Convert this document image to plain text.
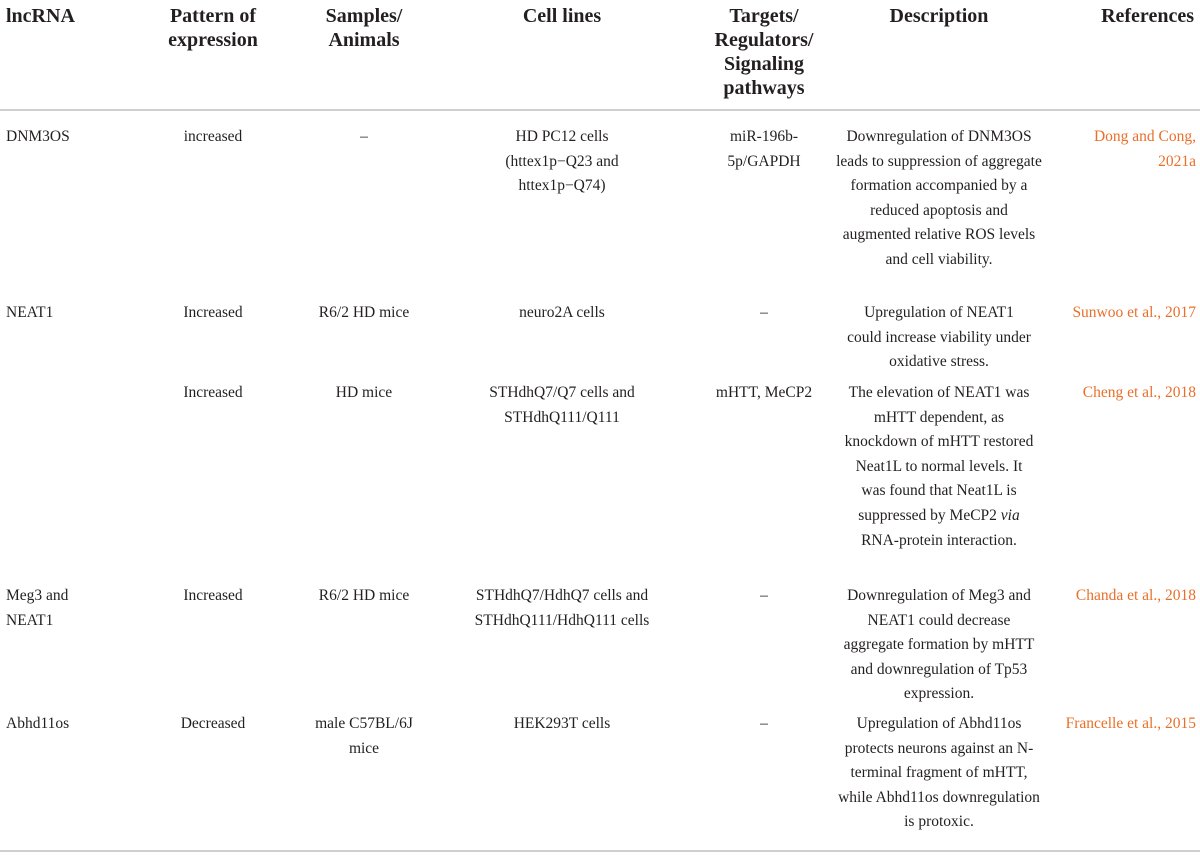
lncRNA	Pattern of expression	Samples/ Animals	Cell lines	Targets/ Regulators/ Signaling pathways	Description	References
DNM3OS	increased	–	HD PC12 cells (httex1p−Q23 and httex1p−Q74)	miR-196b-5p/GAPDH	Downregulation of DNM3OS leads to suppression of aggregate formation accompanied by a reduced apoptosis and augmented relative ROS levels and cell viability.	Dong and Cong, 2021a
NEAT1	Increased	R6/2 HD mice	neuro2A cells	–	Upregulation of NEAT1 could increase viability under oxidative stress.	Sunwoo et al., 2017
	Increased	HD mice	STHdhQ7/Q7 cells and STHdhQ111/Q111	mHTT, MeCP2	The elevation of NEAT1 was mHTT dependent, as knockdown of mHTT restored Neat1L to normal levels. It was found that Neat1L is suppressed by MeCP2 via RNA-protein interaction.	Cheng et al., 2018
Meg3 and NEAT1	Increased	R6/2 HD mice	STHdhQ7/HdhQ7 cells and STHdhQ111/HdhQ111 cells	–	Downregulation of Meg3 and NEAT1 could decrease aggregate formation by mHTT and downregulation of Tp53 expression.	Chanda et al., 2018
Abhd11os	Decreased	male C57BL/6J mice	HEK293T cells	–	Upregulation of Abhd11os protects neurons against an N-terminal fragment of mHTT, while Abhd11os downregulation is protoxic.	Francelle et al., 2015
